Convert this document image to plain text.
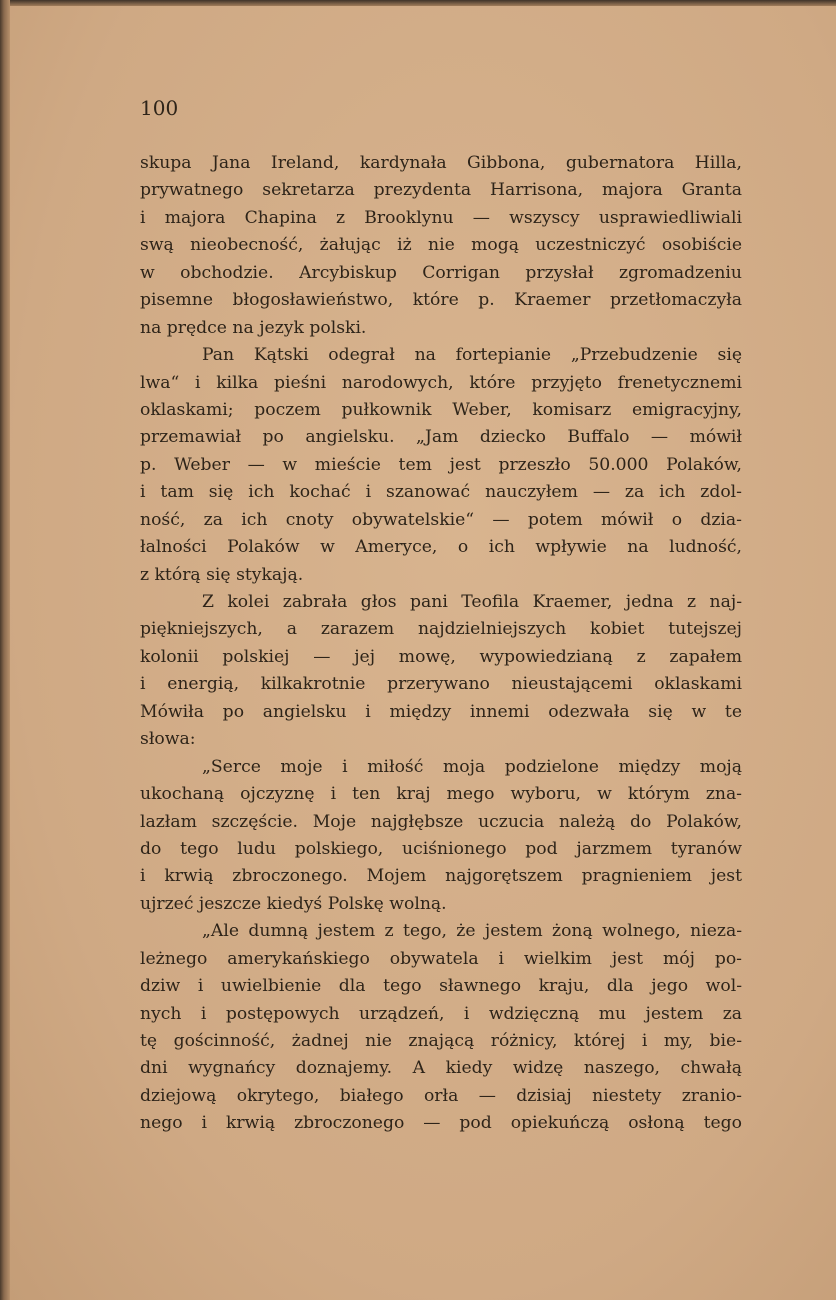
100
skupa Jana Ireland, kardynała Gibbona, gubernatora Hilla,
prywatnego sekretarza prezydenta Harrisona, majora Granta
i majora Chapina z Brooklynu — wszyscy usprawiedliwiali
swą nieobecność, żałując iż nie mogą uczestniczyć osobiście
w obchodzie. Arcybiskup Corrigan przysłał zgromadzeniu
pisemne błogosławieństwo, które p. Kraemer przetłomaczyła
na prędce na jezyk polski.
Pan Kątski odegrał na fortepianie „Przebudzenie się
lwa“ i kilka pieśni narodowych, które przyjęto frenetycznemi
oklaskami; poczem pułkownik Weber, komisarz emigracyjny,
przemawiał po angielsku. „Jam dziecko Buffalo — mówił
p. Weber — w mieście tem jest przeszło 50.000 Polaków,
i tam się ich kochać i szanować nauczyłem — za ich zdol-
ność, za ich cnoty obywatelskie“ — potem mówił o dzia-
łalności Polaków w Ameryce, o ich wpływie na ludność,
z którą się stykają.
Z kolei zabrała głos pani Teofila Kraemer, jedna z naj-
piękniejszych, a zarazem najdzielniejszych kobiet tutejszej
kolonii polskiej — jej mowę, wypowiedzianą z zapałem
i energią, kilkakrotnie przerywano nieustającemi oklaskami
Mówiła po angielsku i między innemi odezwała się w te
słowa:
„Serce moje i miłość moja podzielone między moją
ukochaną ojczyznę i ten kraj mego wyboru, w którym zna-
lazłam szczęście. Moje najgłębsze uczucia należą do Polaków,
do tego ludu polskiego, uciśnionego pod jarzmem tyranów
i krwią zbroczonego. Mojem najgorętszem pragnieniem jest
ujrzeć jeszcze kiedyś Polskę wolną.
„Ale dumną jestem z tego, że jestem żoną wolnego, nieza-
leżnego amerykańskiego obywatela i wielkim jest mój po-
dziw i uwielbienie dla tego sławnego kraju, dla jego wol-
nych i postępowych urządzeń, i wdzięczną mu jestem za
tę gościnność, żadnej nie znającą różnicy, której i my, bie-
dni wygnańcy doznajemy. A kiedy widzę naszego, chwałą
dziejową okrytego, białego orła — dzisiaj niestety zranio-
nego i krwią zbroczonego — pod opiekuńczą osłoną tego
